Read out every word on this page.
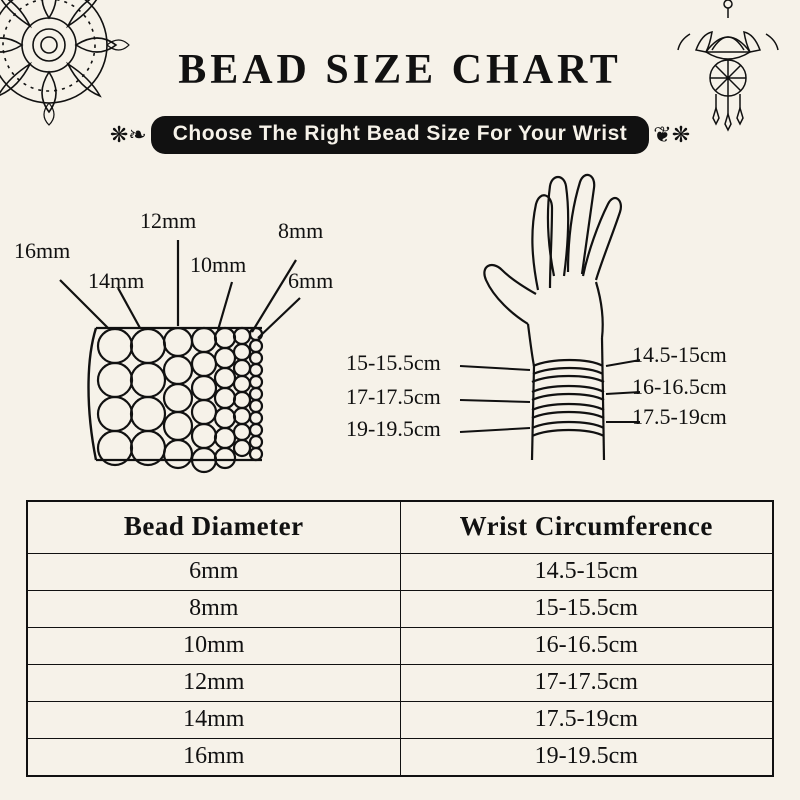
BEAD SIZE CHART
❋❧	Choose The Right Bead Size For Your Wrist	❦❋
16mm
14mm
12mm
10mm
8mm
6mm
15-15.5cm
17-17.5cm
19-19.5cm
14.5-15cm
16-16.5cm
17.5-19cm
Bead Diameter	Wrist Circumference
6mm	14.5-15cm
8mm	15-15.5cm
10mm	16-16.5cm
12mm	17-17.5cm
14mm	17.5-19cm
16mm	19-19.5cm
